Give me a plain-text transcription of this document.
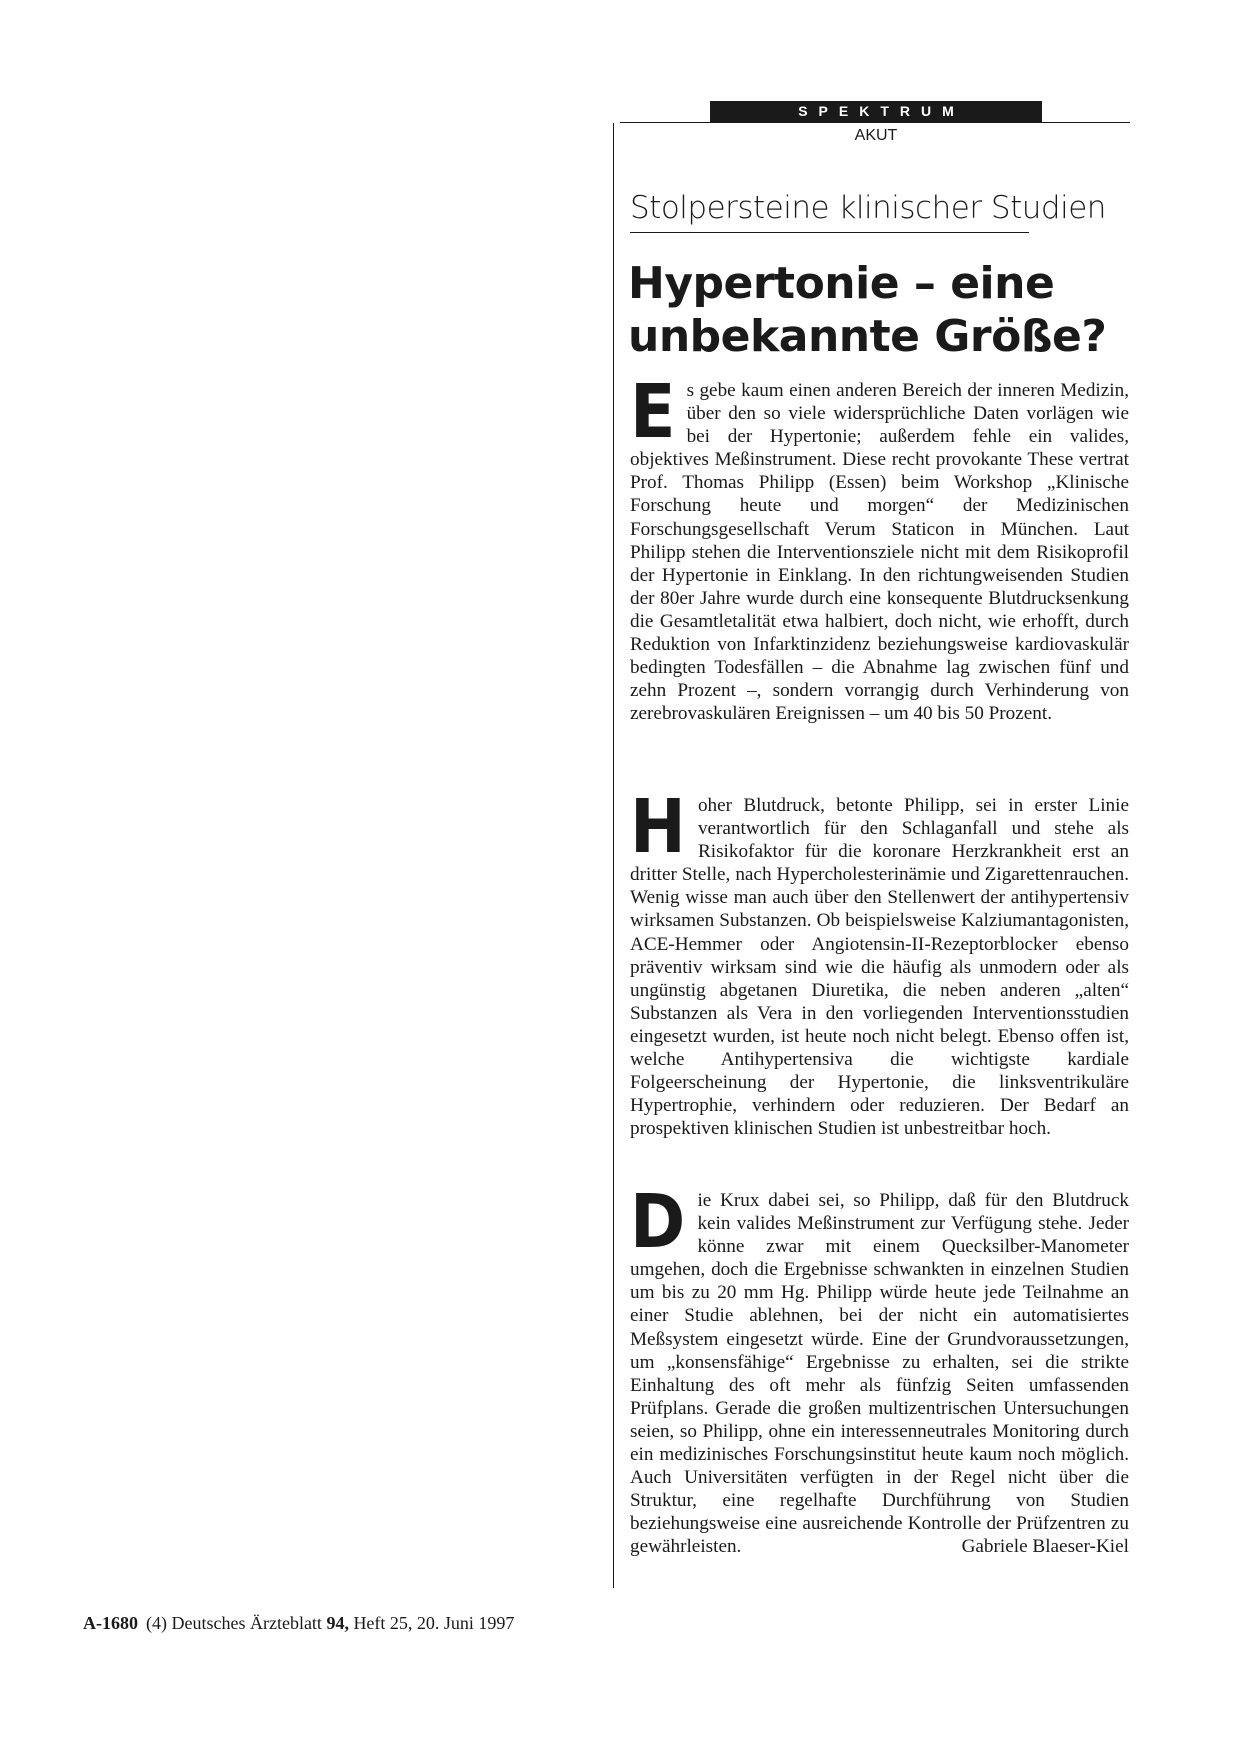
SPEKTRUM
AKUT
Stolpersteine klinischer Studien
Hypertonie – eine
unbekannte Größe?
Es gebe kaum einen anderen Bereich der inneren Medizin, über den so viele widersprüchliche Daten vorlägen wie bei der Hypertonie; außerdem fehle ein valides, objektives Meßinstrument. Diese recht provokante These vertrat Prof. Thomas Philipp (Essen) beim Workshop „Klinische Forschung heute und morgen“ der Medizinischen Forschungsgesellschaft Verum Staticon in München. Laut Philipp stehen die Interventionsziele nicht mit dem Risikoprofil der Hypertonie in Einklang. In den richtungweisenden Studien der 80er Jahre wurde durch eine konsequente Blutdrucksenkung die Gesamtletalität etwa halbiert, doch nicht, wie erhofft, durch Reduktion von Infarktinzidenz beziehungsweise kardiovaskulär bedingten Todesfällen – die Abnahme lag zwischen fünf und zehn Prozent –, sondern vorrangig durch Verhinderung von zerebrovaskulären Ereignissen – um 40 bis 50 Prozent.
Hoher Blutdruck, betonte Philipp, sei in erster Linie verantwortlich für den Schlaganfall und stehe als Risikofaktor für die koronare Herzkrankheit erst an dritter Stelle, nach Hypercholesterinämie und Zigarettenrauchen. Wenig wisse man auch über den Stellenwert der antihypertensiv wirksamen Substanzen. Ob beispielsweise Kalziumantagonisten, ACE-Hemmer oder Angiotensin-II-Rezeptorblocker ebenso präventiv wirksam sind wie die häufig als unmodern oder als ungünstig abgetanen Diuretika, die neben anderen „alten“ Substanzen als Vera in den vorliegenden Interventionsstudien eingesetzt wurden, ist heute noch nicht belegt. Ebenso offen ist, welche Antihypertensiva die wichtigste kardiale Folgeerscheinung der Hypertonie, die linksventrikuläre Hypertrophie, verhindern oder reduzieren. Der Bedarf an prospektiven klinischen Studien ist unbestreitbar hoch.
Die Krux dabei sei, so Philipp, daß für den Blutdruck kein valides Meßinstrument zur Verfügung stehe. Jeder könne zwar mit einem Quecksilber-Manometer umgehen, doch die Ergebnisse schwankten in einzelnen Studien um bis zu 20 mm Hg. Philipp würde heute jede Teilnahme an einer Studie ablehnen, bei der nicht ein automatisiertes Meßsystem eingesetzt würde. Eine der Grundvoraussetzungen, um „konsensfähige“ Ergebnisse zu erhalten, sei die strikte Einhaltung des oft mehr als fünfzig Seiten umfassenden Prüfplans. Gerade die großen multizentrischen Untersuchungen seien, so Philipp, ohne ein interessenneutrales Monitoring durch ein medizinisches Forschungsinstitut heute kaum noch möglich. Auch Universitäten verfügten in der Regel nicht über die Struktur, eine regelhafte Durchführung von Studien beziehungsweise eine ausreichende Kontrolle der Prüfzentren zu gewährleisten.	Gabriele Blaeser-Kiel
A-1680 (4) Deutsches Ärzteblatt 94, Heft 25, 20. Juni 1997
